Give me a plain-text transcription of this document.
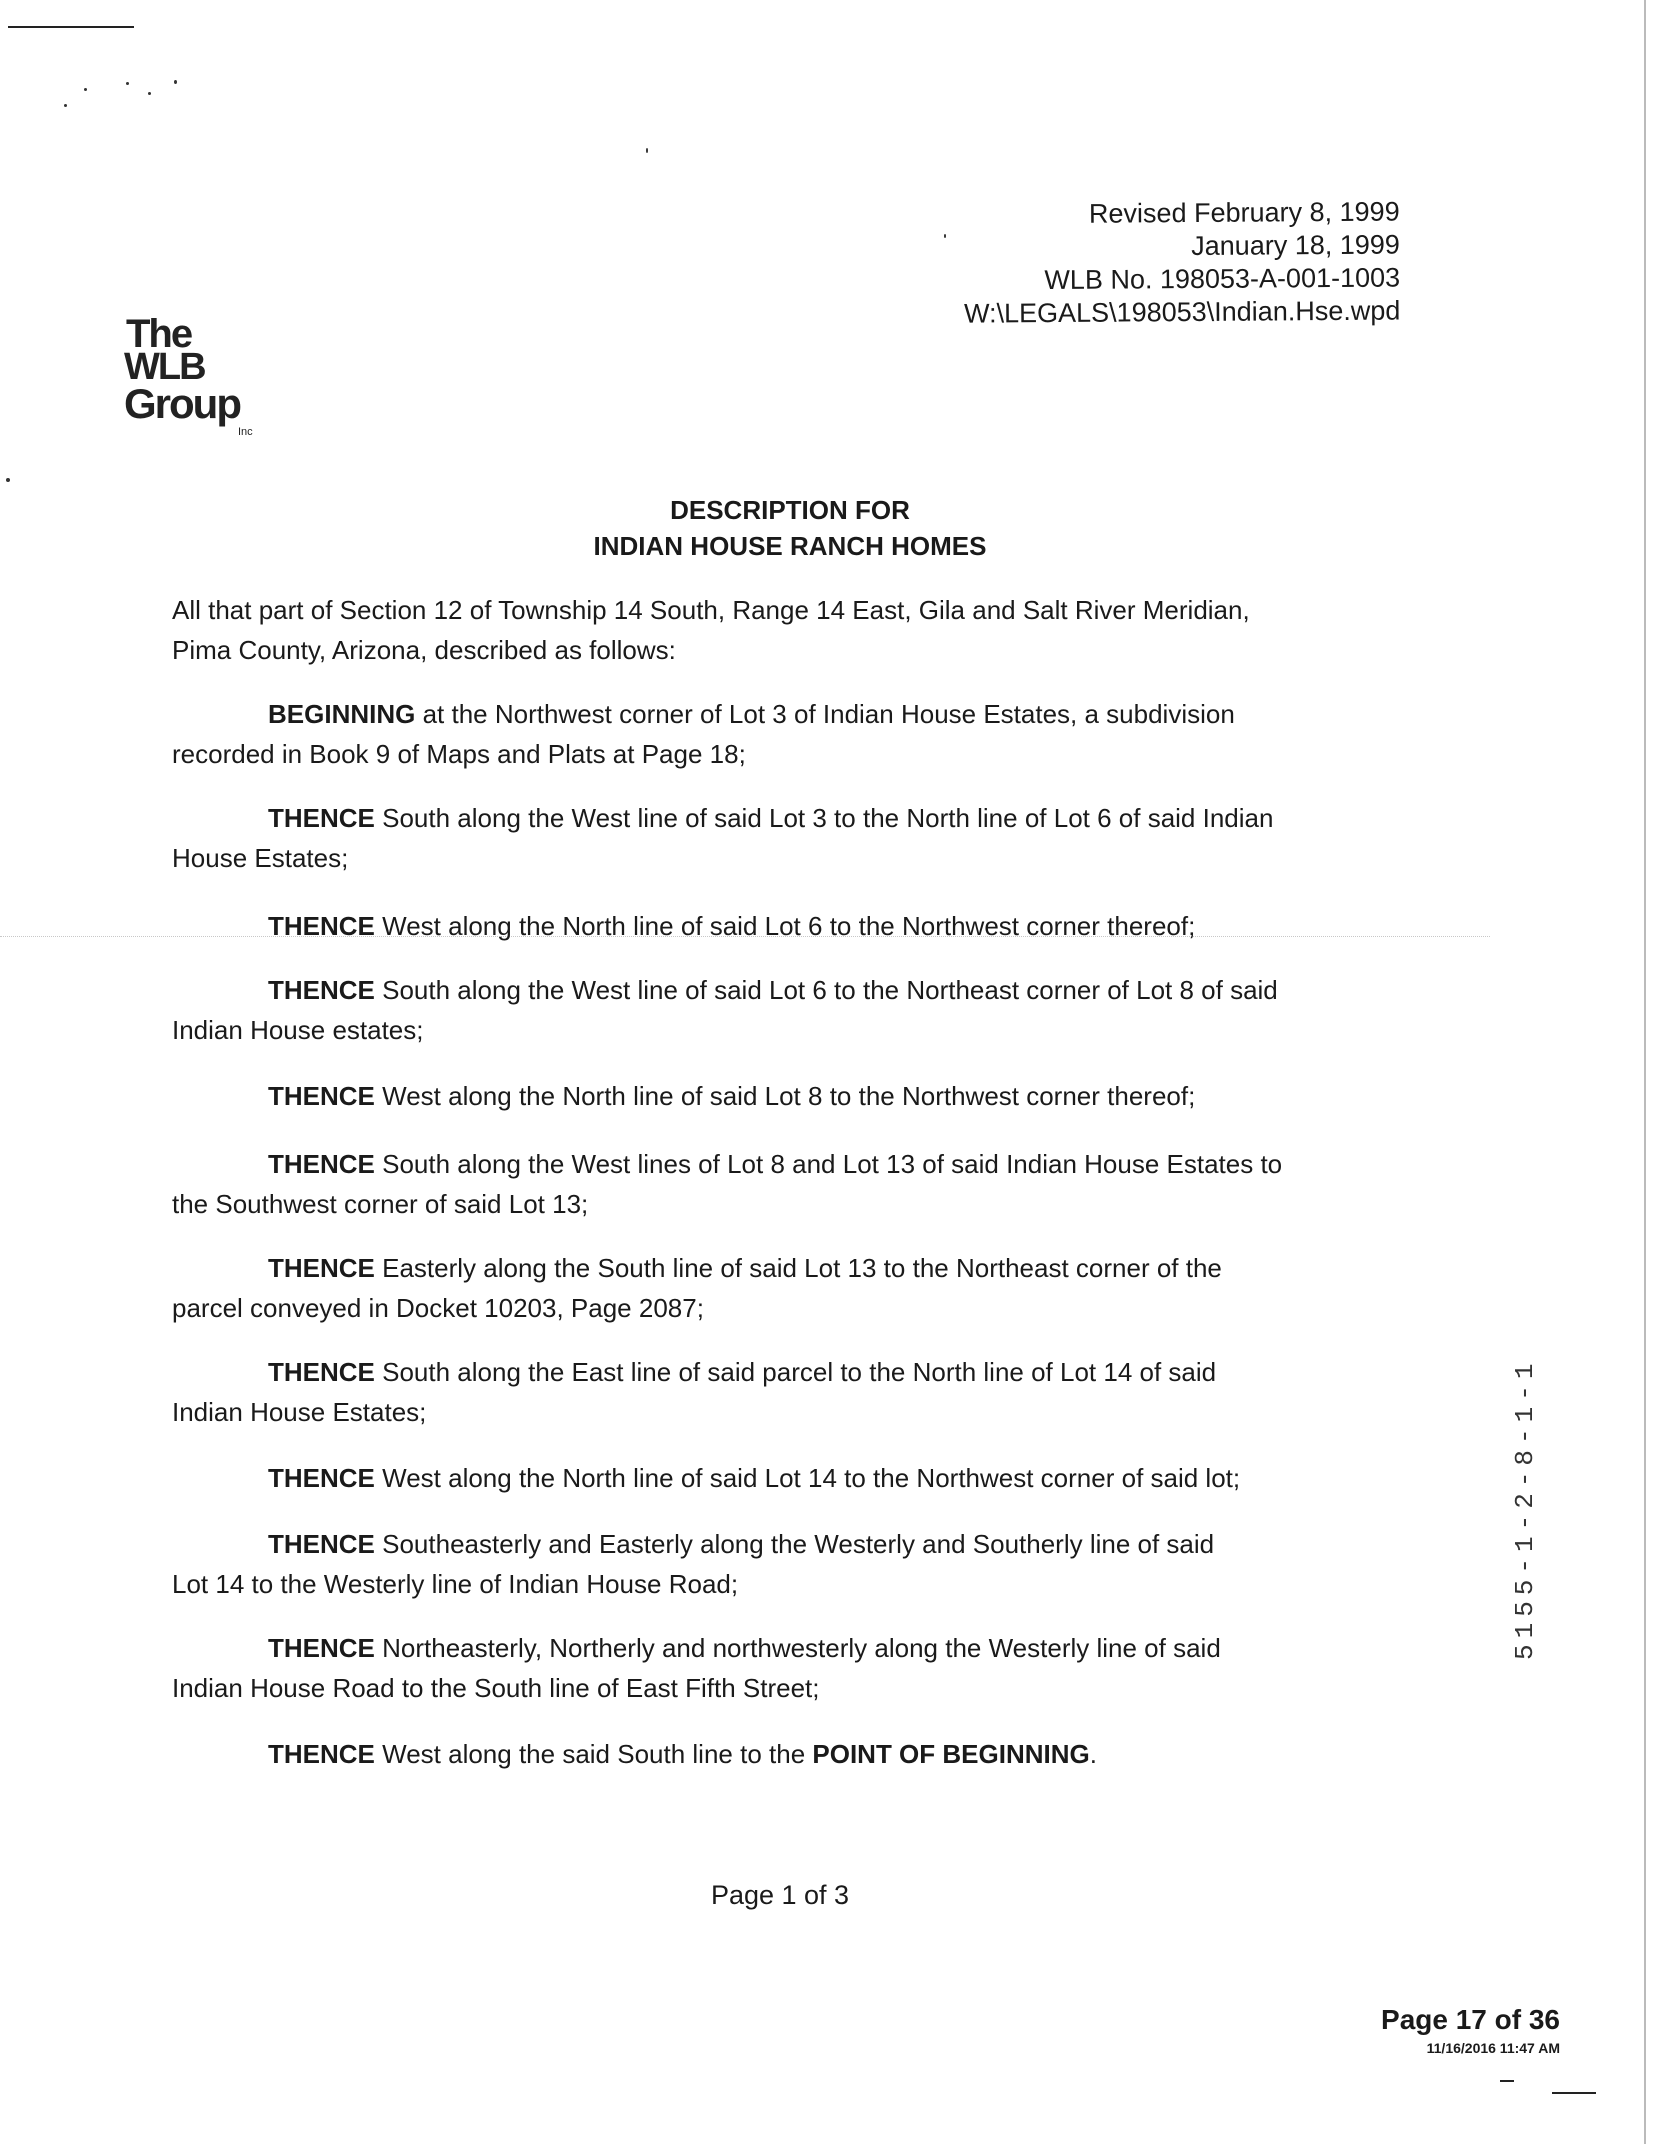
Revised February 8, 1999
January 18, 1999
WLB No. 198053-A-001-1003
W:\LEGALS\198053\Indian.Hse.wpd
The
WLB
Group
Inc
DESCRIPTION FOR
INDIAN HOUSE RANCH HOMES
All that part of Section 12 of Township 14 South, Range 14 East, Gila and Salt River Meridian,
Pima County, Arizona, described as follows:
BEGINNING at the Northwest corner of Lot 3 of Indian House Estates, a subdivision
recorded in Book 9 of Maps and Plats at Page 18;
THENCE South along the West line of said Lot 3 to the North line of Lot 6 of said Indian
House Estates;
THENCE West along the North line of said Lot 6 to the Northwest corner thereof;
THENCE South along the West line of said Lot 6 to the Northeast corner of Lot 8 of said
Indian House estates;
THENCE West along the North line of said Lot 8 to the Northwest corner thereof;
THENCE South along the West lines of Lot 8 and Lot 13 of said Indian House Estates to
the Southwest corner of said Lot 13;
THENCE Easterly along the South line of said Lot 13 to the Northeast corner of the
parcel conveyed in Docket 10203, Page 2087;
THENCE South along the East line of said parcel to the North line of Lot 14 of said
Indian House Estates;
THENCE West along the North line of said Lot 14 to the Northwest corner of said lot;
THENCE Southeasterly and Easterly along the Westerly and Southerly line of said
Lot 14 to the Westerly line of Indian House Road;
THENCE Northeasterly, Northerly and northwesterly along the Westerly line of said
Indian House Road to the South line of East Fifth Street;
THENCE West along the said South line to the POINT OF BEGINNING.
Page 1 of 3
Page 17 of 36
11/16/2016 11:47 AM
5155-1-2-8-1-1
